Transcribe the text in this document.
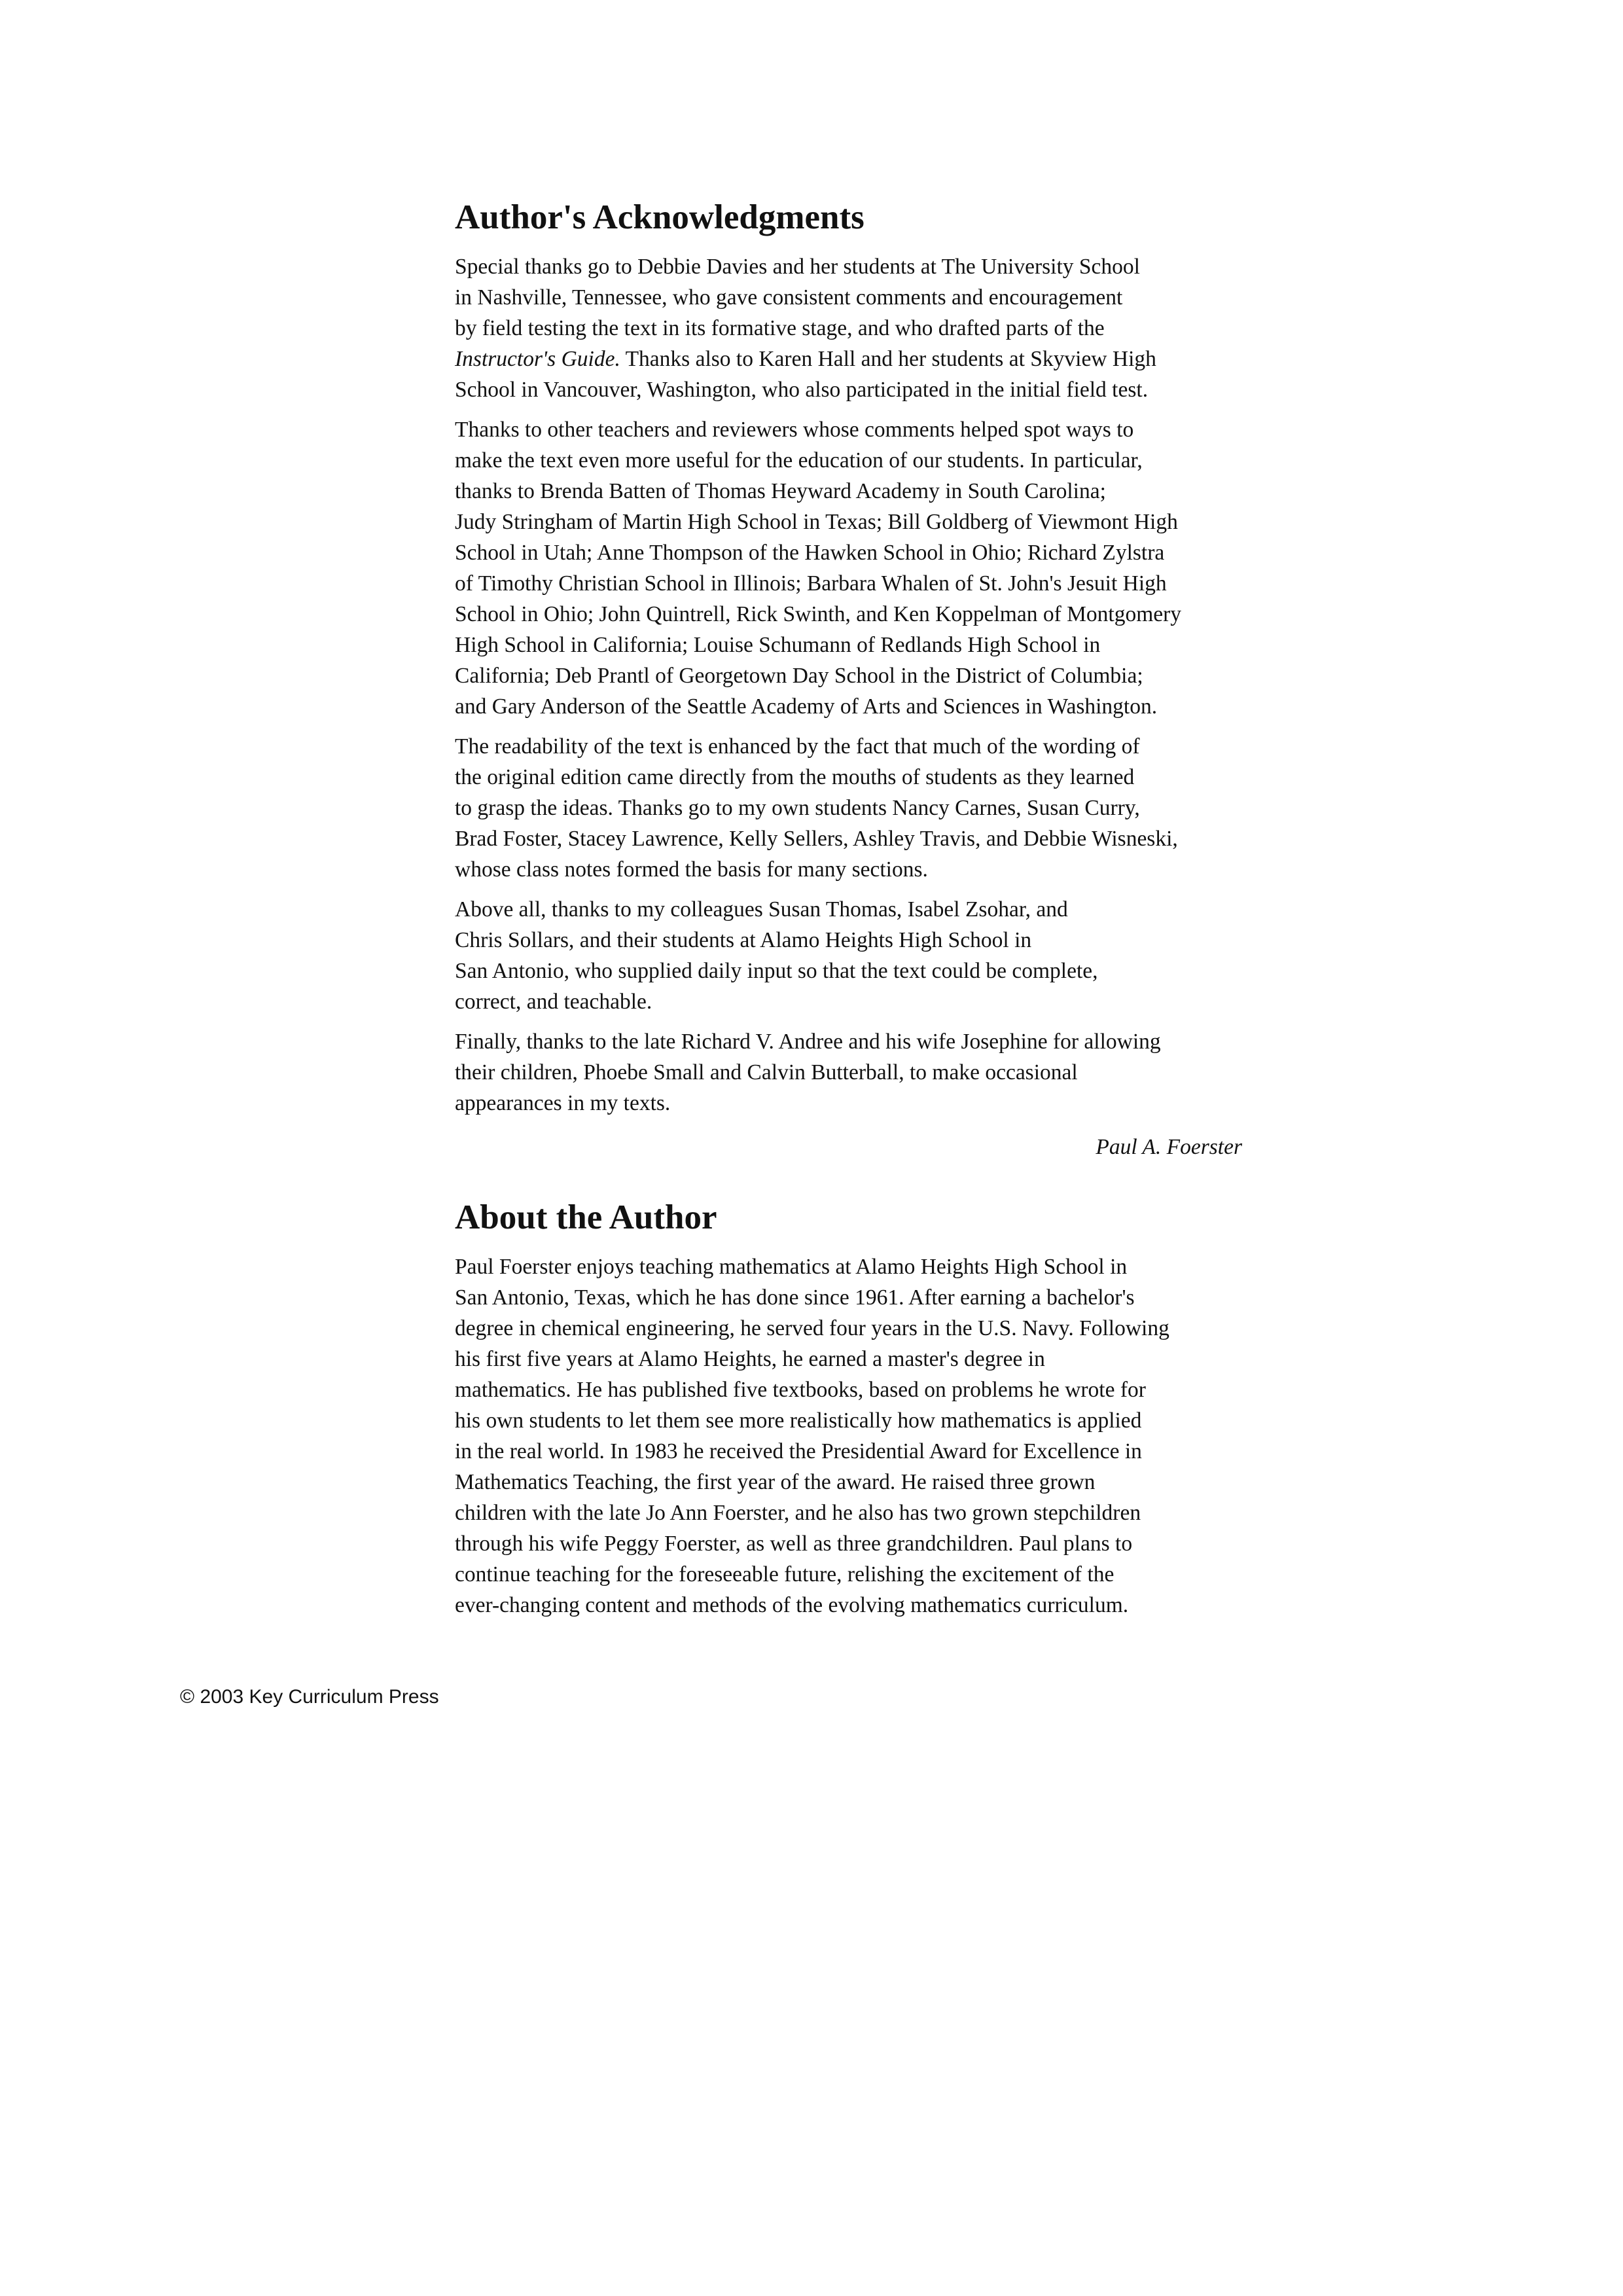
Author's Acknowledgments

Special thanks go to Debbie Davies and her students at The University School
in Nashville, Tennessee, who gave consistent comments and encouragement
by field testing the text in its formative stage, and who drafted parts of the
Instructor's Guide. Thanks also to Karen Hall and her students at Skyview High
School in Vancouver, Washington, who also participated in the initial field test.

Thanks to other teachers and reviewers whose comments helped spot ways to
make the text even more useful for the education of our students. In particular,
thanks to Brenda Batten of Thomas Heyward Academy in South Carolina;
Judy Stringham of Martin High School in Texas; Bill Goldberg of Viewmont High
School in Utah; Anne Thompson of the Hawken School in Ohio; Richard Zylstra
of Timothy Christian School in Illinois; Barbara Whalen of St. John's Jesuit High
School in Ohio; John Quintrell, Rick Swinth, and Ken Koppelman of Montgomery
High School in California; Louise Schumann of Redlands High School in
California; Deb Prantl of Georgetown Day School in the District of Columbia;
and Gary Anderson of the Seattle Academy of Arts and Sciences in Washington.

The readability of the text is enhanced by the fact that much of the wording of
the original edition came directly from the mouths of students as they learned
to grasp the ideas. Thanks go to my own students Nancy Carnes, Susan Curry,
Brad Foster, Stacey Lawrence, Kelly Sellers, Ashley Travis, and Debbie Wisneski,
whose class notes formed the basis for many sections.

Above all, thanks to my colleagues Susan Thomas, Isabel Zsohar, and
Chris Sollars, and their students at Alamo Heights High School in
San Antonio, who supplied daily input so that the text could be complete,
correct, and teachable.

Finally, thanks to the late Richard V. Andree and his wife Josephine for allowing
their children, Phoebe Small and Calvin Butterball, to make occasional
appearances in my texts.

Paul A. Foerster

About the Author

Paul Foerster enjoys teaching mathematics at Alamo Heights High School in
San Antonio, Texas, which he has done since 1961. After earning a bachelor's
degree in chemical engineering, he served four years in the U.S. Navy. Following
his first five years at Alamo Heights, he earned a master's degree in
mathematics. He has published five textbooks, based on problems he wrote for
his own students to let them see more realistically how mathematics is applied
in the real world. In 1983 he received the Presidential Award for Excellence in
Mathematics Teaching, the first year of the award. He raised three grown
children with the late Jo Ann Foerster, and he also has two grown stepchildren
through his wife Peggy Foerster, as well as three grandchildren. Paul plans to
continue teaching for the foreseeable future, relishing the excitement of the
ever-changing content and methods of the evolving mathematics curriculum.

© 2003 Key Curriculum Press
